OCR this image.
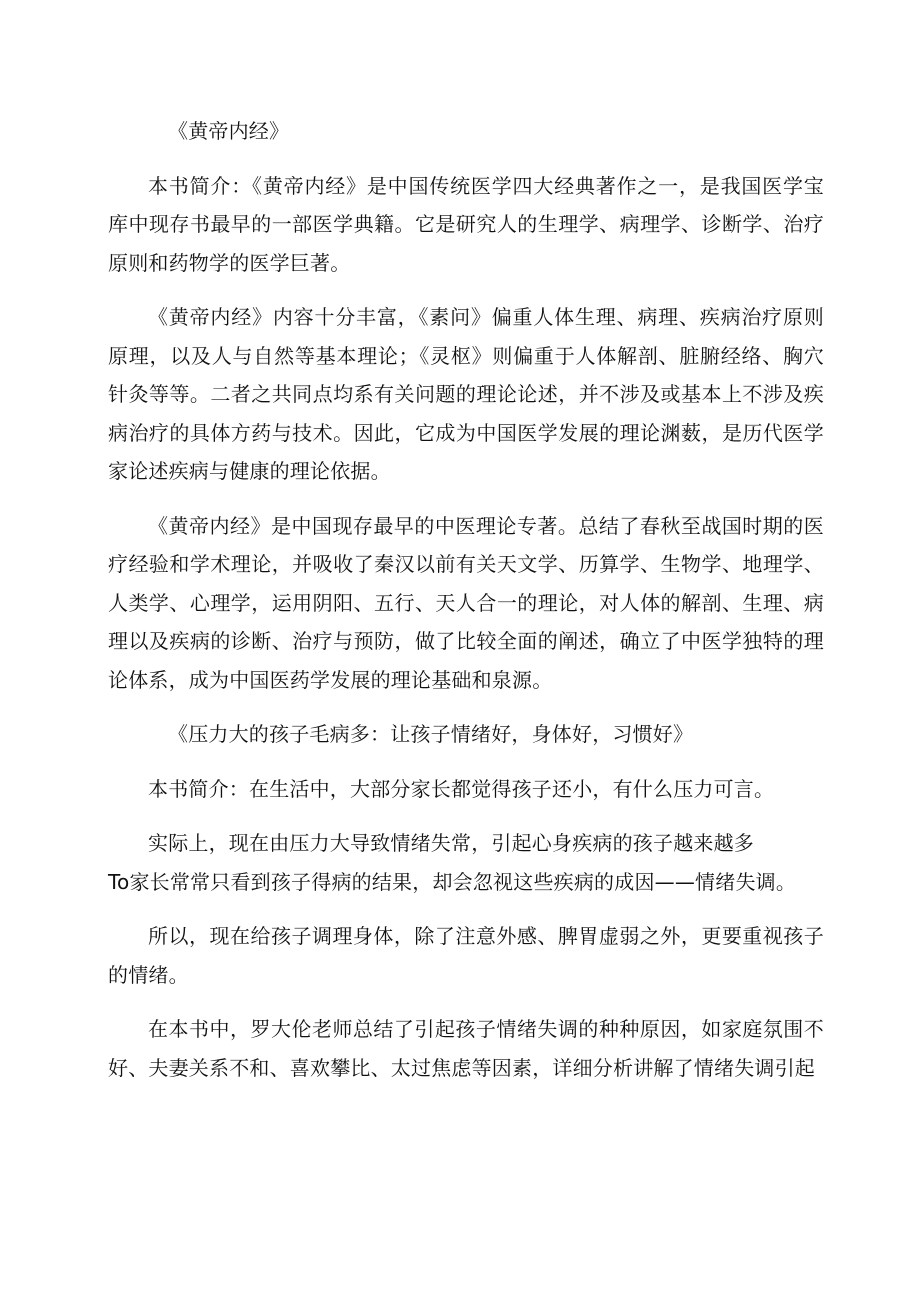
《黄帝内经》

本书简介：《黄帝内经》是中国传统医学四大经典著作之一，是我国医学宝库中现存书最早的一部医学典籍。它是研究人的生理学、病理学、诊断学、治疗原则和药物学的医学巨著。

《黄帝内经》内容十分丰富，《素问》偏重人体生理、病理、疾病治疗原则原理，以及人与自然等基本理论；《灵枢》则偏重于人体解剖、脏腑经络、胸穴针灸等等。二者之共同点均系有关问题的理论论述，并不涉及或基本上不涉及疾病治疗的具体方药与技术。因此，它成为中国医学发展的理论渊薮，是历代医学家论述疾病与健康的理论依据。

《黄帝内经》是中国现存最早的中医理论专著。总结了春秋至战国时期的医疗经验和学术理论，并吸收了秦汉以前有关天文学、历算学、生物学、地理学、人类学、心理学，运用阴阳、五行、天人合一的理论，对人体的解剖、生理、病理以及疾病的诊断、治疗与预防，做了比较全面的阐述，确立了中医学独特的理论体系，成为中国医药学发展的理论基础和泉源。

《压力大的孩子毛病多：让孩子情绪好，身体好，习惯好》

本书简介：在生活中，大部分家长都觉得孩子还小，有什么压力可言。

实际上，现在由压力大导致情绪失常，引起心身疾病的孩子越来越多

To家长常常只看到孩子得病的结果，却会忽视这些疾病的成因——情绪失调。

所以，现在给孩子调理身体，除了注意外感、脾胃虚弱之外，更要重视孩子的情绪。

在本书中，罗大伦老师总结了引起孩子情绪失调的种种原因，如家庭氛围不好、夫妻关系不和、喜欢攀比、太过焦虑等因素，详细分析讲解了情绪失调引起
